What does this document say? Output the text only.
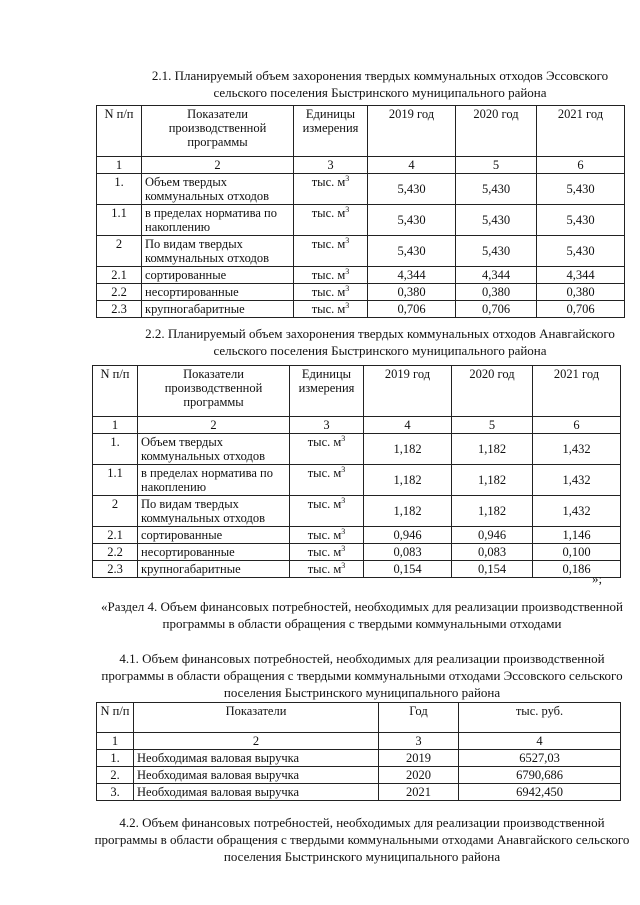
2.1. Планируемый объем захоронения твердых коммунальных отходов Эссовского сельского поселения Быстринского муниципального района
N п/п	Показатели производственной программы	Единицы измерения	2019 год	2020 год	2021 год
1	2	3	4	5	6
1.	Объем твердых коммунальных отходов	тыс. $м^3$	5,430	5,430	5,430
1.1	в пределах норматива по накоплению	тыс. $м^3$	5,430	5,430	5,430
2	По видам твердых коммунальных отходов	тыс. $м^3$	5,430	5,430	5,430
2.1	сортированные	тыс. $м^3$	4,344	4,344	4,344
2.2	несортированные	тыс. $м^3$	0,380	0,380	0,380
2.3	крупногабаритные	тыс. $м^3$	0,706	0,706	0,706
2.2. Планируемый объем захоронения твердых коммунальных отходов Анавгайского сельского поселения Быстринского муниципального района
N п/п	Показатели производственной программы	Единицы измерения	2019 год	2020 год	2021 год
1	2	3	4	5	6
1.	Объем твердых коммунальных отходов	тыс. $м^3$	1,182	1,182	1,432
1.1	в пределах норматива по накоплению	тыс. $м^3$	1,182	1,182	1,432
2	По видам твердых коммунальных отходов	тыс. $м^3$	1,182	1,182	1,432
2.1	сортированные	тыс. $м^3$	0,946	0,946	1,146
2.2	несортированные	тыс. $м^3$	0,083	0,083	0,100
2.3	крупногабаритные	тыс. $м^3$	0,154	0,154	0,186
»;
«Раздел 4. Объем финансовых потребностей, необходимых для реализации производственной программы в области обращения с твердыми коммунальными отходами
4.1. Объем финансовых потребностей, необходимых для реализации производственной программы в области обращения с твердыми коммунальными отходами Эссовского сельского поселения Быстринского муниципального района
N п/п	Показатели	Год	тыс. руб.
1	2	3	4
1.	Необходимая валовая выручка	2019	6527,03
2.	Необходимая валовая выручка	2020	6790,686
3.	Необходимая валовая выручка	2021	6942,450
4.2. Объем финансовых потребностей, необходимых для реализации производственной программы в области обращения с твердыми коммунальными отходами Анавгайского сельского поселения Быстринского муниципального района
